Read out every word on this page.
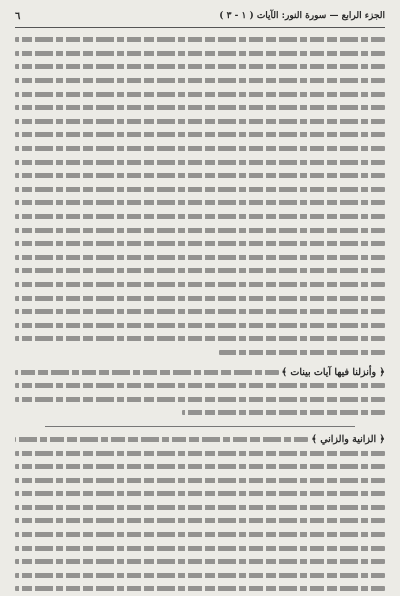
الجزء الرابع — سورة النور: الآيات ( ١ - ٣ )
٦
﴿ وأنزلنا فيها آيات بينات ﴾
﴿ الزانية والزاني ﴾
